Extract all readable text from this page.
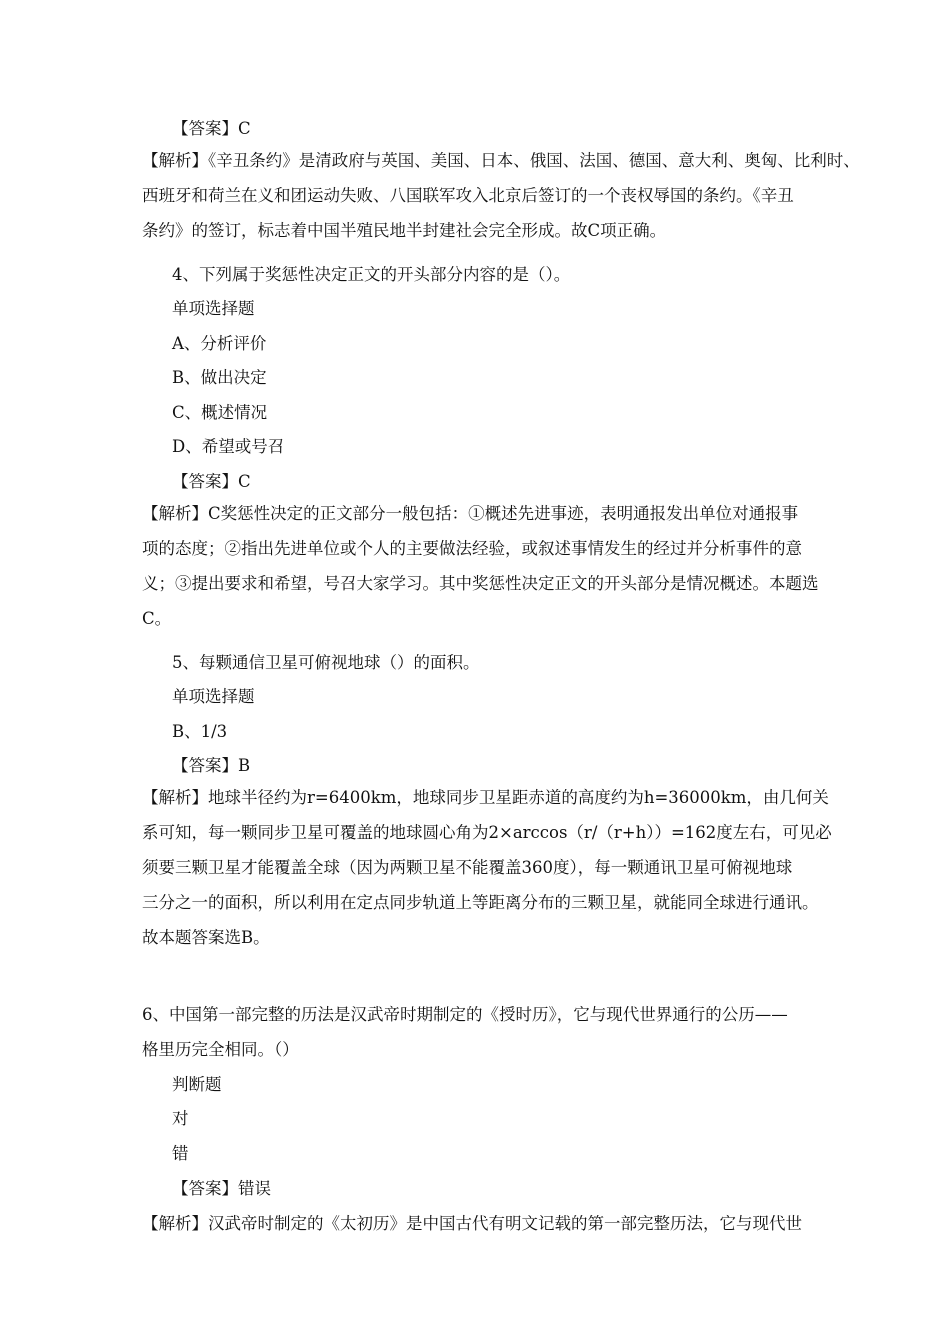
【答案】C
【解析】《辛丑条约》是清政府与英国、美国、日本、俄国、法国、德国、意大利、奥匈、比利时、
西班牙和荷兰在义和团运动失败、八国联军攻入北京后签订的一个丧权辱国的条约。《辛丑
条约》的签订，标志着中国半殖民地半封建社会完全形成。故C项正确。
4、下列属于奖惩性决定正文的开头部分内容的是（）。
单项选择题
A、分析评价
B、做出决定
C、概述情况
D、希望或号召
【答案】C
【解析】C奖惩性决定的正文部分一般包括：①概述先进事迹，表明通报发出单位对通报事
项的态度；②指出先进单位或个人的主要做法经验，或叙述事情发生的经过并分析事件的意
义；③提出要求和希望，号召大家学习。其中奖惩性决定正文的开头部分是情况概述。本题选
C。
5、每颗通信卫星可俯视地球（）的面积。
单项选择题
B、1/3
【答案】B
【解析】地球半径约为r=6400km，地球同步卫星距赤道的高度约为h=36000km，由几何关
系可知，每一颗同步卫星可覆盖的地球圆心角为2×arccos（r/（r+h））=162度左右，可见必
须要三颗卫星才能覆盖全球（因为两颗卫星不能覆盖360度），每一颗通讯卫星可俯视地球
三分之一的面积，所以利用在定点同步轨道上等距离分布的三颗卫星，就能同全球进行通讯。
故本题答案选B。
6、中国第一部完整的历法是汉武帝时期制定的《授时历》，它与现代世界通行的公历——
格里历完全相同。（）
判断题
对
错
【答案】错误
【解析】汉武帝时制定的《太初历》是中国古代有明文记载的第一部完整历法，它与现代世
